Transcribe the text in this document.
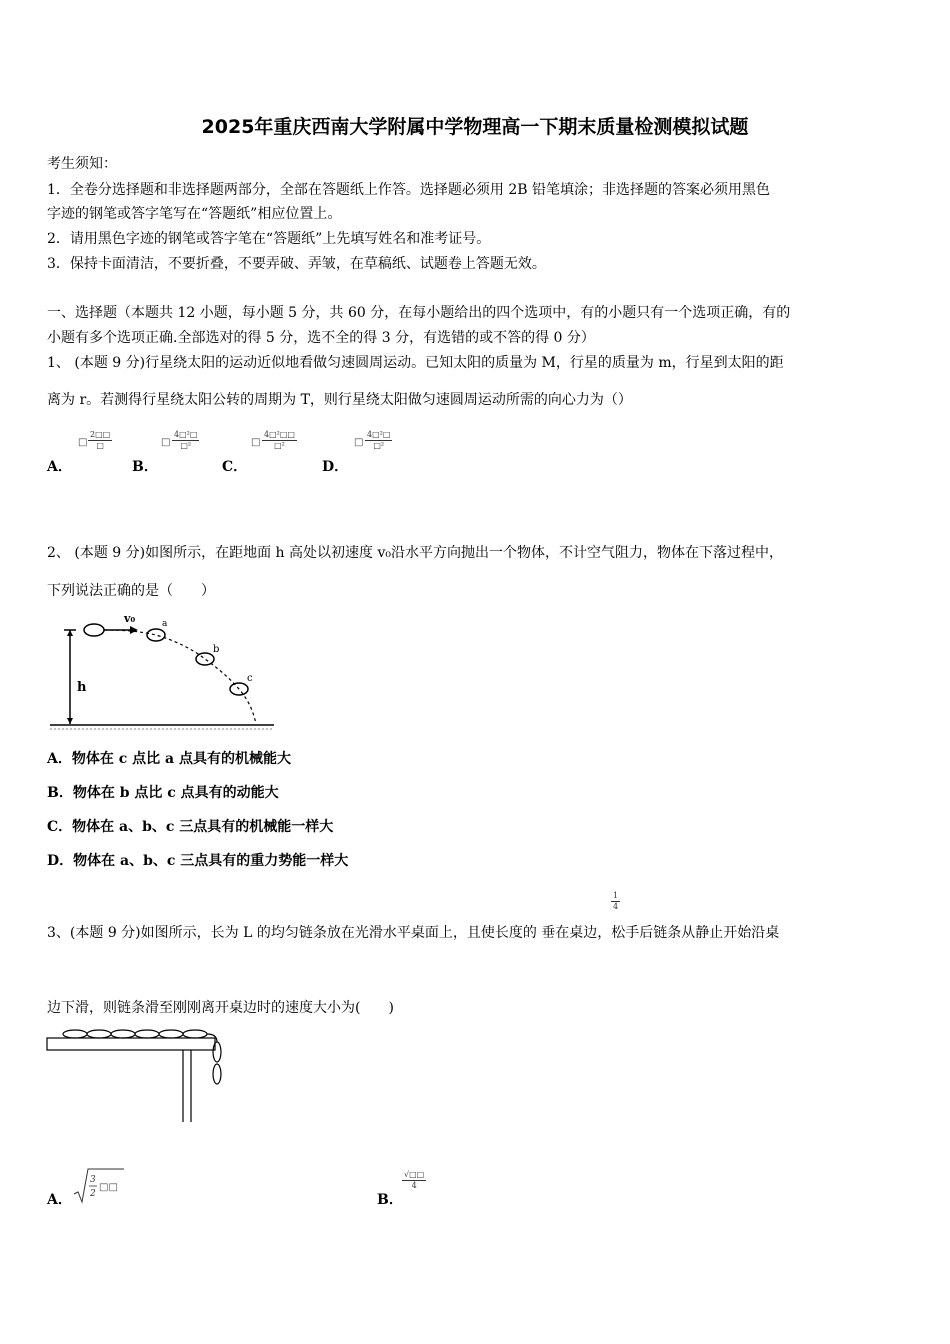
2025年重庆西南大学附属中学物理高一下期末质量检测模拟试题
考生须知：
1．全卷分选择题和非选择题两部分，全部在答题纸上作答。选择题必须用 2B 铅笔填涂；非选择题的答案必须用黑色
字迹的钢笔或答字笔写在“答题纸”相应位置上。
2．请用黑色字迹的钢笔或答字笔在“答题纸”上先填写姓名和准考证号。
3．保持卡面清洁，不要折叠，不要弄破、弄皱，在草稿纸、试题卷上答题无效。
一、选择题（本题共 12 小题，每小题 5 分，共 60 分，在每小题给出的四个选项中，有的小题只有一个选项正确，有的
小题有多个选项正确.全部选对的得 5 分，选不全的得 3 分，有选错的或不答的得 0 分）
1、 (本题 9 分)行星绕太阳的运动近似地看做匀速圆周运动。已知太阳的质量为 M，行星的质量为 m，行星到太阳的距
离为 r。若测得行星绕太阳公转的周期为 T，则行星绕太阳做匀速圆周运动所需的向心力为（）
A．
□
2□□
□
B．
□
4□²□
□²
C．
□
4□²□□
□²
D．
□
4□²□
□²
2、 (本题 9 分)如图所示，在距地面 h 高处以初速度 v₀沿水平方向抛出一个物体，不计空气阻力，物体在下落过程中，
下列说法正确的是（　　）
v₀	a
b
c
h
A．物体在 c 点比 a 点具有的机械能大
B．物体在 b 点比 c 点具有的动能大
C．物体在 a、b、c 三点具有的机械能一样大
D．物体在 a、b、c 三点具有的重力势能一样大
$\frac{1}{4}$
3、(本题 9 分)如图所示，长为 L 的均匀链条放在光滑水平桌面上，且使长度的 垂在桌边，松手后链条从静止开始沿桌
边下滑，则链条滑至刚刚离开桌边时的速度大小为(　　)
A．
3
2
□□
B．
√□□
4
